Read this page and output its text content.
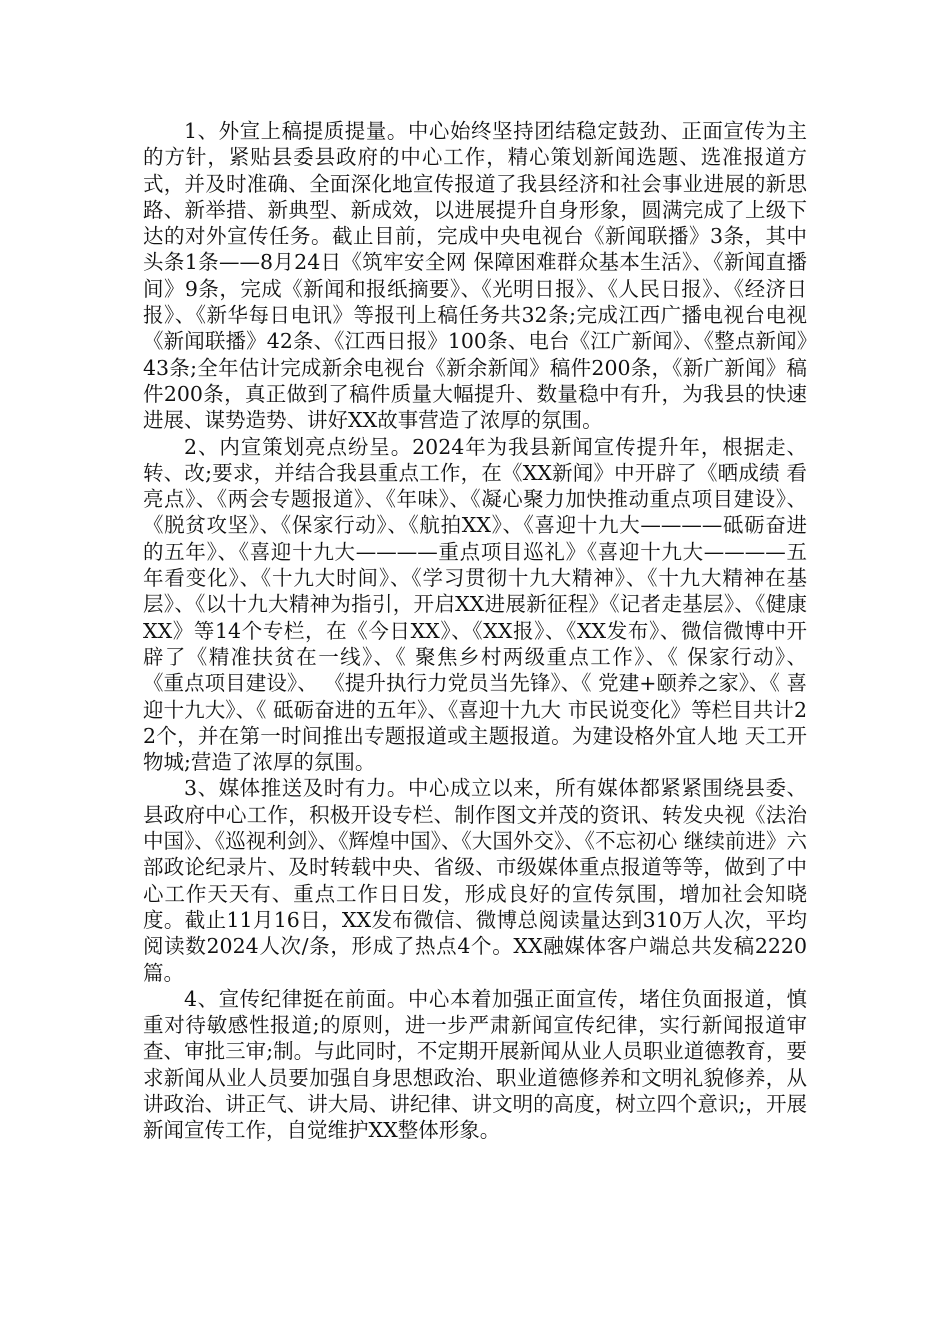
1、外宣上稿提质提量。中心始终坚持团结稳定鼓劲、正面宣传为主的方针，紧贴县委县政府的中心工作，精心策划新闻选题、选准报道方式，并及时准确、全面深化地宣传报道了我县经济和社会事业进展的新思路、新举措、新典型、新成效，以进展提升自身形象，圆满完成了上级下达的对外宣传任务。截止目前，完成中央电视台《新闻联播》3条，其中头条1条——8月24日《筑牢安全网 保障困难群众基本生活》、《新闻直播间》9条，完成《新闻和报纸摘要》、《光明日报》、《人民日报》、《经济日报》、《新华每日电讯》等报刊上稿任务共32条;完成江西广播电视台电视《新闻联播》42条、《江西日报》100条、电台《江广新闻》、《整点新闻》43条;全年估计完成新余电视台《新余新闻》稿件200条，《新广新闻》稿件200条，真正做到了稿件质量大幅提升、数量稳中有升，为我县的快速进展、谋势造势、讲好XX故事营造了浓厚的氛围。

2、内宣策划亮点纷呈。2024年为我县新闻宣传提升年，根据走、转、改;要求，并结合我县重点工作，在《XX新闻》中开辟了《晒成绩 看亮点》、《两会专题报道》、《年味》、《凝心聚力加快推动重点项目建设》、《脱贫攻坚》、《保家行动》、《航拍XX》、《喜迎十九大————砥砺奋进的五年》、《喜迎十九大————重点项目巡礼》《喜迎十九大————五年看变化》、《十九大时间》、《学习贯彻十九大精神》、《十九大精神在基层》、《以十九大精神为指引，开启XX进展新征程》《记者走基层》、《健康XX》等14个专栏，在《今日XX》、《XX报》、《XX发布》、微信微博中开辟了《精准扶贫在一线》、《 聚焦乡村两级重点工作》、《 保家行动》、 《重点项目建设》、 《提升执行力党员当先锋》、《 党建+颐养之家》、《 喜迎十九大》、《 砥砺奋进的五年》、《喜迎十九大 市民说变化》等栏目共计22个，并在第一时间推出专题报道或主题报道。为建设格外宜人地 天工开物城;营造了浓厚的氛围。

3、媒体推送及时有力。中心成立以来，所有媒体都紧紧围绕县委、县政府中心工作，积极开设专栏、制作图文并茂的资讯、转发央视《法治中国》、《巡视利剑》、《辉煌中国》、《大国外交》、《不忘初心 继续前进》六部政论纪录片、及时转载中央、省级、市级媒体重点报道等等，做到了中心工作天天有、重点工作日日发，形成良好的宣传氛围，增加社会知晓度。截止11月16日，XX发布微信、微博总阅读量达到310万人次，平均阅读数2024人次/条，形成了热点4个。XX融媒体客户端总共发稿2220篇。

4、宣传纪律挺在前面。中心本着加强正面宣传，堵住负面报道，慎重对待敏感性报道;的原则，进一步严肃新闻宣传纪律，实行新闻报道审查、审批三审;制。与此同时，不定期开展新闻从业人员职业道德教育，要求新闻从业人员要加强自身思想政治、职业道德修养和文明礼貌修养，从讲政治、讲正气、讲大局、讲纪律、讲文明的高度，树立四个意识;，开展新闻宣传工作，自觉维护XX整体形象。
